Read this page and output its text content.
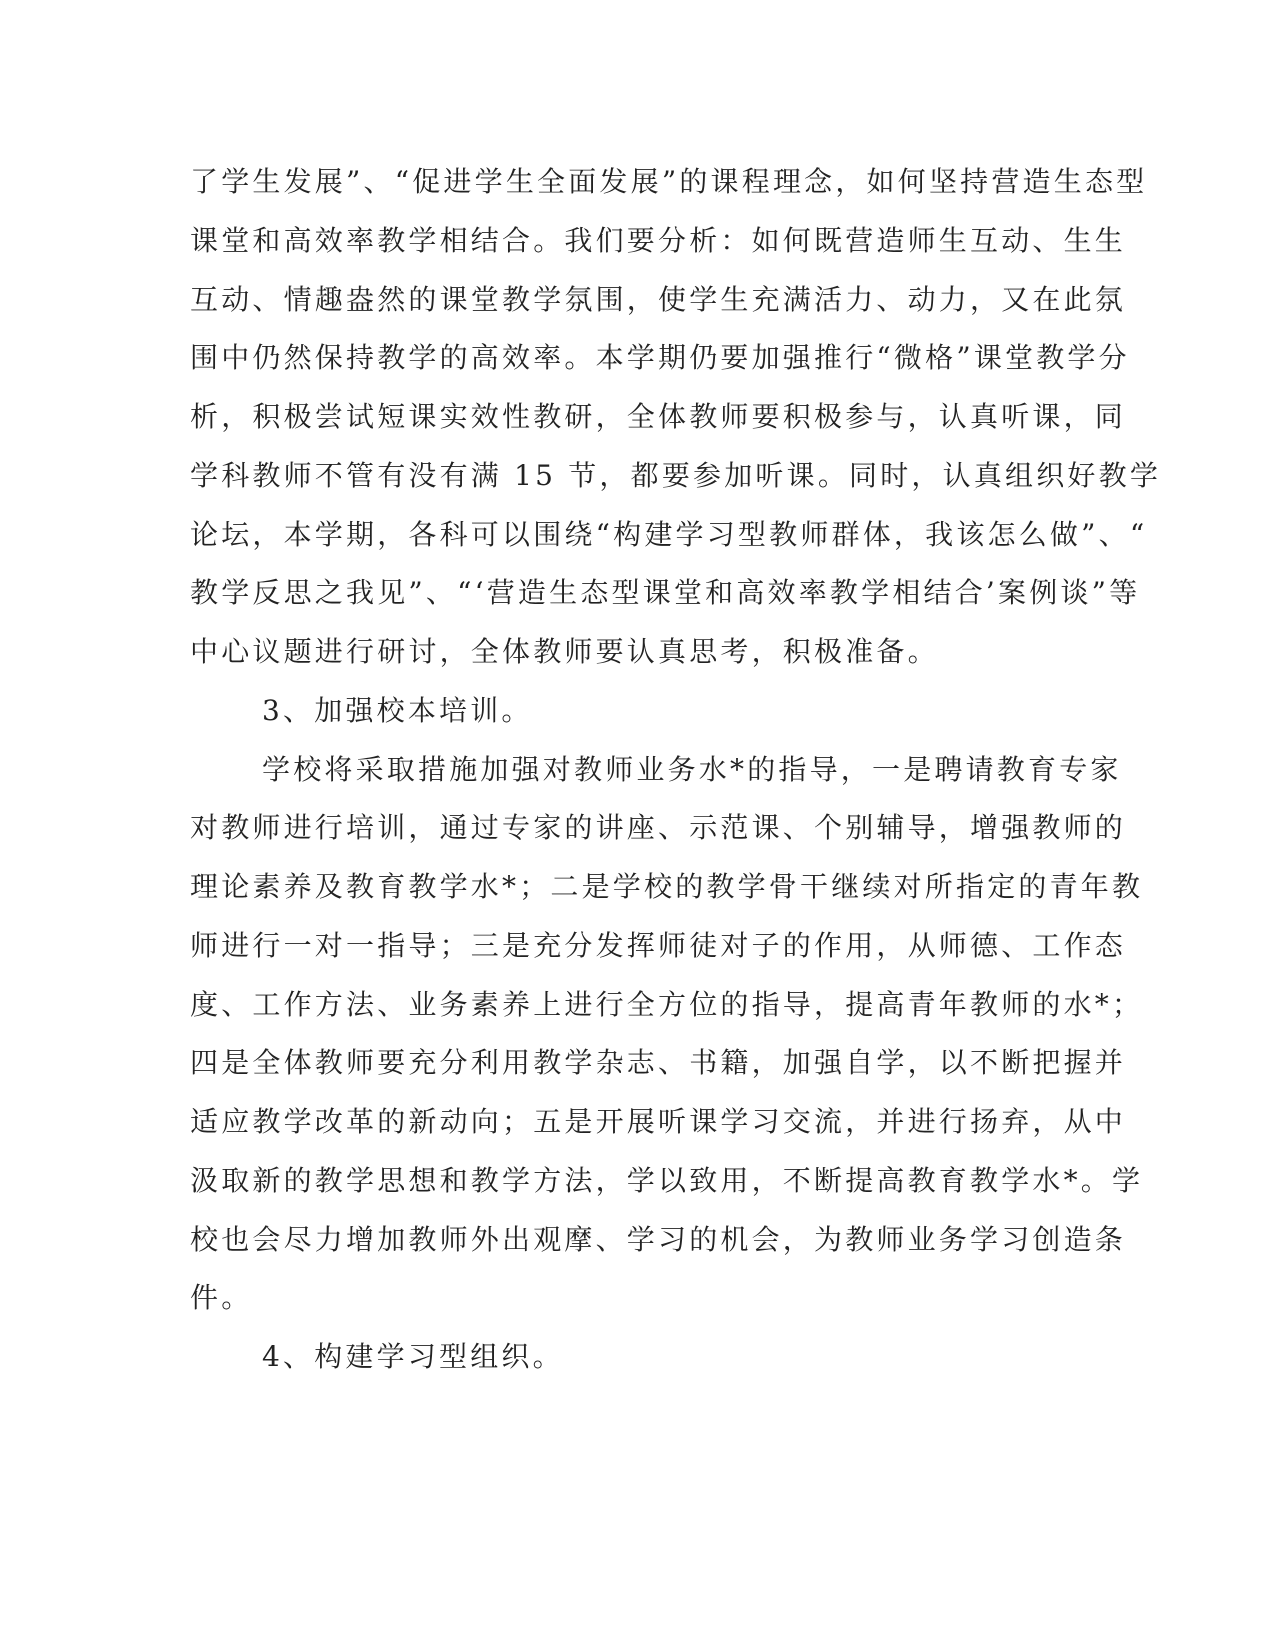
了学生发展”、“促进学生全面发展”的课程理念，如何坚持营造生态型
课堂和高效率教学相结合。我们要分析：如何既营造师生互动、生生
互动、情趣盎然的课堂教学氛围，使学生充满活力、动力，又在此氛
围中仍然保持教学的高效率。本学期仍要加强推行“微格”课堂教学分
析，积极尝试短课实效性教研，全体教师要积极参与，认真听课，同
学科教师不管有没有满 15 节，都要参加听课。同时，认真组织好教学
论坛，本学期，各科可以围绕“构建学习型教师群体，我该怎么做”、“
教学反思之我见”、“‘营造生态型课堂和高效率教学相结合’案例谈”等
中心议题进行研讨，全体教师要认真思考，积极准备。
3、加强校本培训。
学校将采取措施加强对教师业务水*的指导，一是聘请教育专家
对教师进行培训，通过专家的讲座、示范课、个别辅导，增强教师的
理论素养及教育教学水*；二是学校的教学骨干继续对所指定的青年教
师进行一对一指导；三是充分发挥师徒对子的作用，从师德、工作态
度、工作方法、业务素养上进行全方位的指导，提高青年教师的水*；
四是全体教师要充分利用教学杂志、书籍，加强自学，以不断把握并
适应教学改革的新动向；五是开展听课学习交流，并进行扬弃，从中
汲取新的教学思想和教学方法，学以致用，不断提高教育教学水*。学
校也会尽力增加教师外出观摩、学习的机会，为教师业务学习创造条
件。
4、构建学习型组织。
